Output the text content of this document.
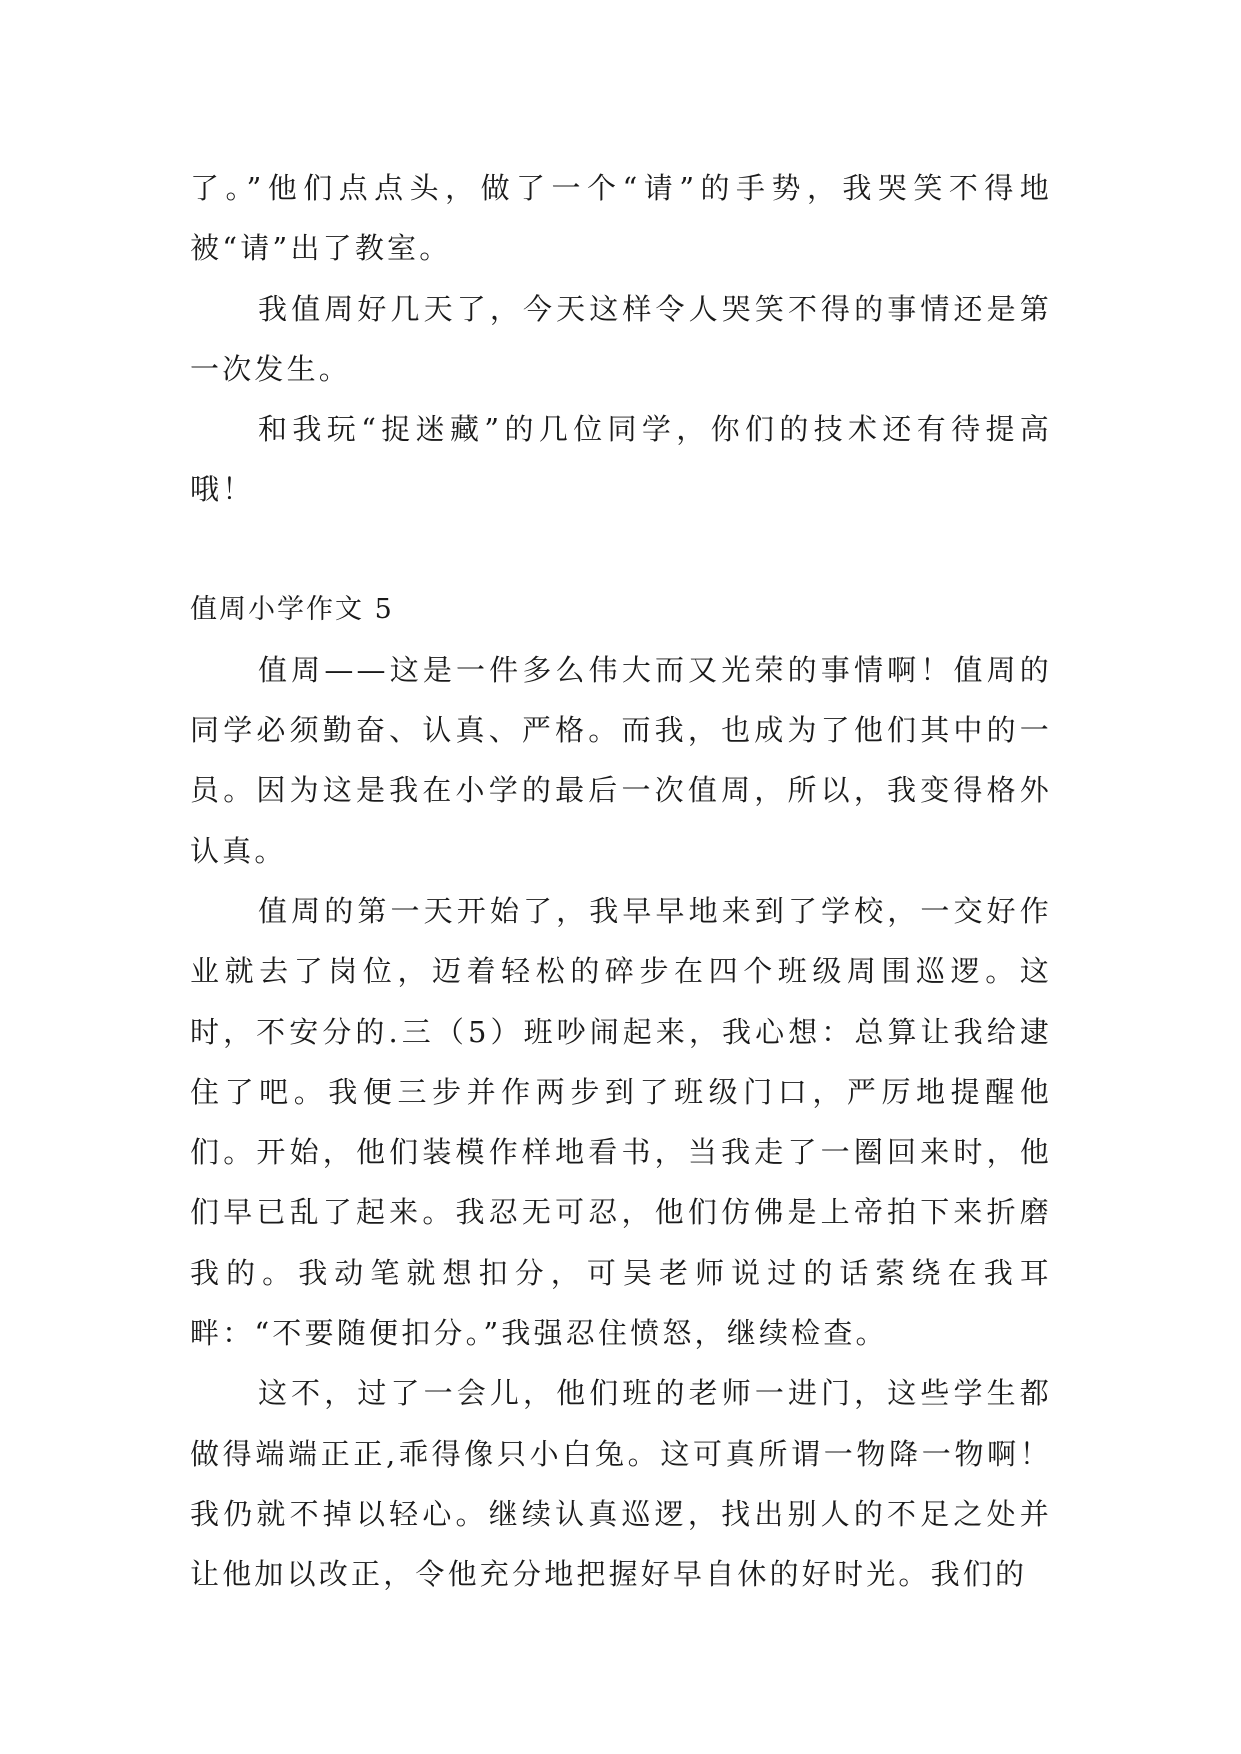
了。”他们点点头，做了一个“请”的手势，我哭笑不得地被“请”出了教室。

我值周好几天了，今天这样令人哭笑不得的事情还是第一次发生。

和我玩“捉迷藏”的几位同学，你们的技术还有待提高哦！

值周小学作文 5

值周——这是一件多么伟大而又光荣的事情啊！值周的同学必须勤奋、认真、严格。而我，也成为了他们其中的一员。因为这是我在小学的最后一次值周，所以，我变得格外认真。

值周的第一天开始了，我早早地来到了学校，一交好作业就去了岗位，迈着轻松的碎步在四个班级周围巡逻。这时，不安分的.三（5）班吵闹起来，我心想：总算让我给逮住了吧。我便三步并作两步到了班级门口，严厉地提醒他们。开始，他们装模作样地看书，当我走了一圈回来时，他们早已乱了起来。我忍无可忍，他们仿佛是上帝拍下来折磨我的。我动笔就想扣分，可吴老师说过的话萦绕在我耳畔：“不要随便扣分。”我强忍住愤怒，继续检查。

这不，过了一会儿，他们班的老师一进门，这些学生都做得端端正正,乖得像只小白兔。这可真所谓一物降一物啊！我仍就不掉以轻心。继续认真巡逻，找出别人的不足之处并让他加以改正，令他充分地把握好早自休的好时光。我们的
